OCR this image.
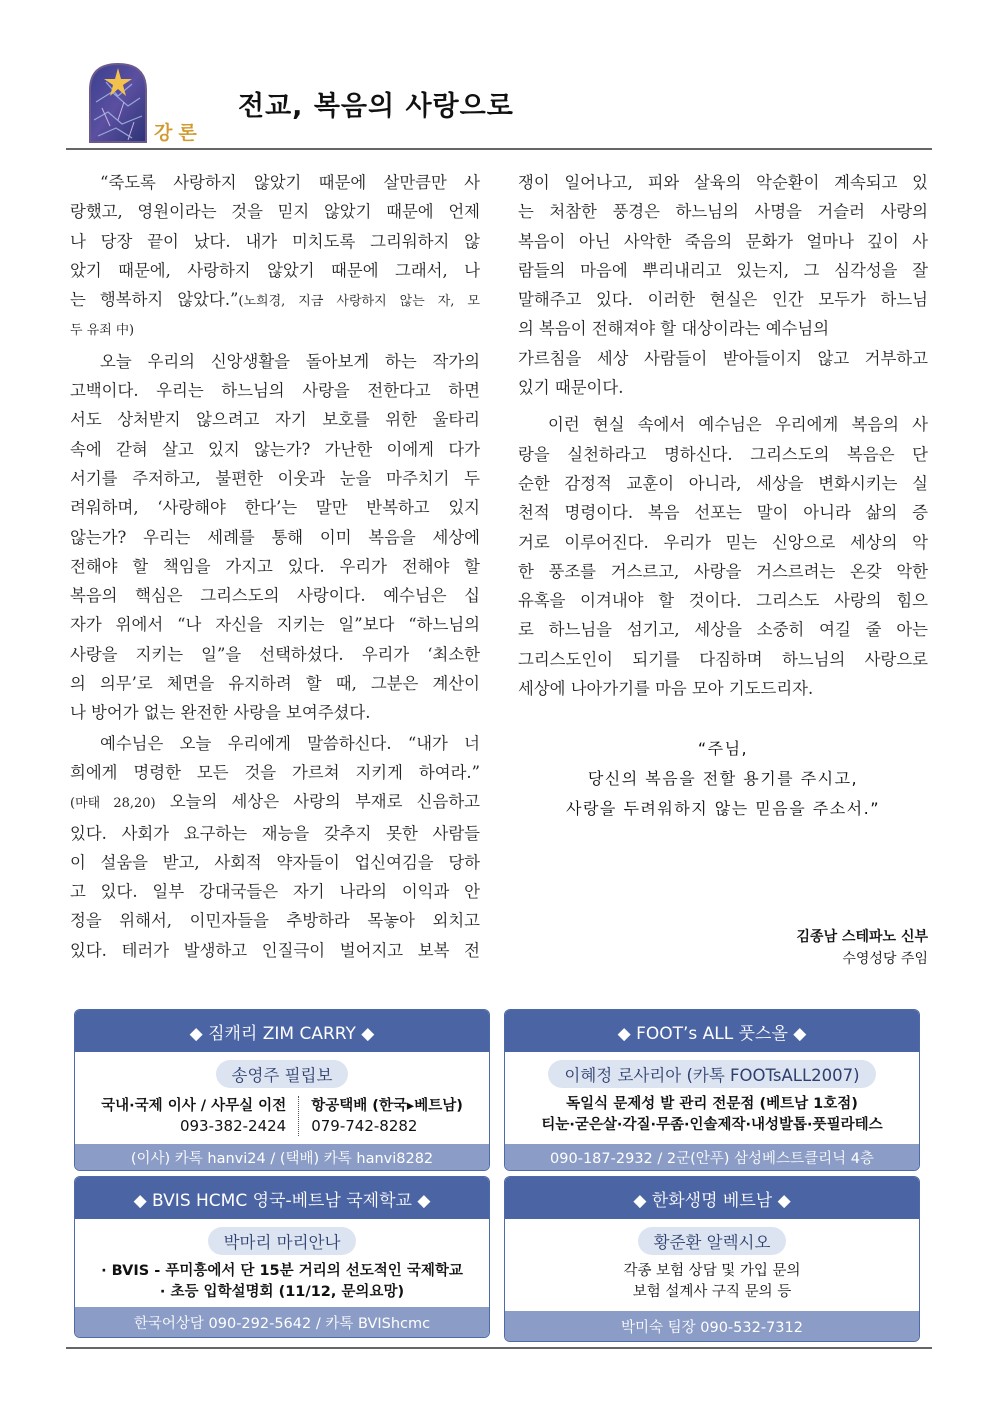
강론
전교, 복음의 사랑으로

“죽도록 사랑하지 않았기 때문에 살만큼만 사
랑했고, 영원이라는 것을 믿지 않았기 때문에 언제
나 당장 끝이 났다. 내가 미치도록 그리워하지 않
았기 때문에, 사랑하지 않았기 때문에 그래서, 나
는 행복하지 않았다.”(노희경, 지금 사랑하지 않는 자, 모
두 유죄 中)

오늘 우리의 신앙생활을 돌아보게 하는 작가의
고백이다. 우리는 하느님의 사랑을 전한다고 하면
서도 상처받지 않으려고 자기 보호를 위한 울타리
속에 갇혀 살고 있지 않는가? 가난한 이에게 다가
서기를 주저하고, 불편한 이웃과 눈을 마주치기 두
려워하며, ‘사랑해야 한다’는 말만 반복하고 있지
않는가? 우리는 세례를 통해 이미 복음을 세상에
전해야 할 책임을 가지고 있다. 우리가 전해야 할
복음의 핵심은 그리스도의 사랑이다. 예수님은 십
자가 위에서 “나 자신을 지키는 일”보다 “하느님의
사랑을 지키는 일”을 선택하셨다. 우리가 ‘최소한
의 의무’로 체면을 유지하려 할 때, 그분은 계산이
나 방어가 없는 완전한 사랑을 보여주셨다.

예수님은 오늘 우리에게 말씀하신다. “내가 너
희에게 명령한 모든 것을 가르쳐 지키게 하여라.”
(마태 28,20) 오늘의 세상은 사랑의 부재로 신음하고
있다. 사회가 요구하는 재능을 갖추지 못한 사람들
이 설움을 받고, 사회적 약자들이 업신여김을 당하
고 있다. 일부 강대국들은 자기 나라의 이익과 안
정을 위해서, 이민자들을 추방하라 목놓아 외치고
있다. 테러가 발생하고 인질극이 벌어지고 보복 전

쟁이 일어나고, 피와 살육의 악순환이 계속되고 있
는 처참한 풍경은 하느님의 사명을 거슬러 사랑의
복음이 아닌 사악한 죽음의 문화가 얼마나 깊이 사
람들의 마음에 뿌리내리고 있는지, 그 심각성을 잘
말해주고 있다. 이러한 현실은 인간 모두가 하느님
의 복음이 전해져야 할 대상이라는 예수님의
가르침을 세상 사람들이 받아들이지 않고 거부하고
있기 때문이다.

이런 현실 속에서 예수님은 우리에게 복음의 사
랑을 실천하라고 명하신다. 그리스도의 복음은 단
순한 감정적 교훈이 아니라, 세상을 변화시키는 실
천적 명령이다. 복음 선포는 말이 아니라 삶의 증
거로 이루어진다. 우리가 믿는 신앙으로 세상의 악
한 풍조를 거스르고, 사랑을 거스르려는 온갖 악한
유혹을 이겨내야 할 것이다. 그리스도 사랑의 힘으
로 하느님을 섬기고, 세상을 소중히 여길 줄 아는
그리스도인이 되기를 다짐하며 하느님의 사랑으로
세상에 나아가기를 마음 모아 기도드리자.

“주님,
당신의 복음을 전할 용기를 주시고,
사랑을 두려워하지 않는 믿음을 주소서.”
김종남 스테파노 신부
수영성당 주임
◆ 짐캐리 ZIM CARRY ◆
송영주 필립보
국내·국제 이사 / 사무실 이전
093-382-2424
항공택배 (한국▸베트남)
079-742-8282
(이사) 카톡 hanvi24 / (택배) 카톡 hanvi8282
◆ FOOT’s ALL 풋스올 ◆
이혜정 로사리아 (카톡 FOOTsALL2007)
독일식 문제성 발 관리 전문점 (베트남 1호점)
티눈·굳은살·각질·무좀·인솔제작·내성발톱·풋필라테스
090-187-2932 / 2군(안푸) 삼성베스트클리닉 4층
◆ BVIS HCMC 영국-베트남 국제학교 ◆
박마리 마리안나
· BVIS - 푸미흥에서 단 15분 거리의 선도적인 국제학교
· 초등 입학설명회 (11/12, 문의요망)
한국어상담 090-292-5642 / 카톡 BVIShcmc
◆ 한화생명 베트남 ◆
황준환 알렉시오
각종 보험 상담 및 가입 문의
보험 설계사 구직 문의 등
박미숙 팀장 090-532-7312
